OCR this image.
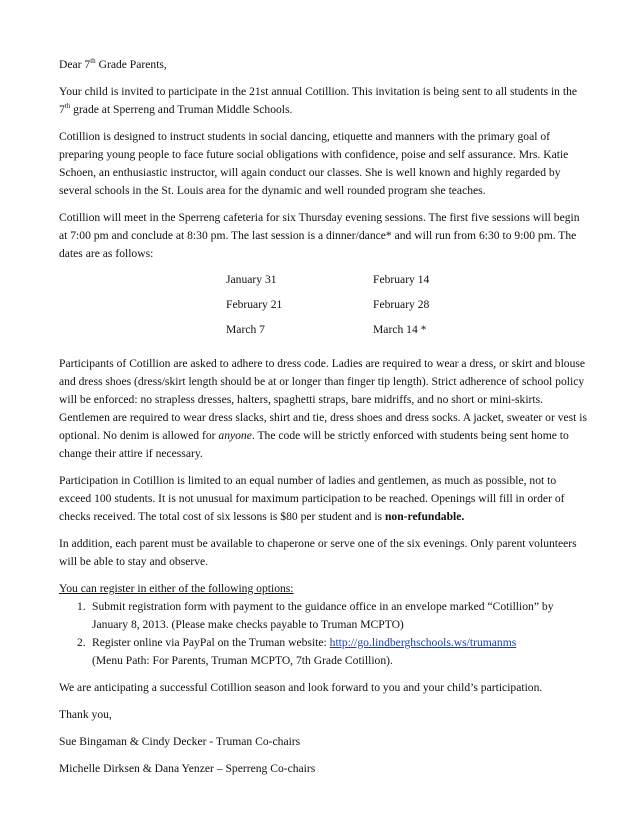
Dear 7th Grade Parents,

Your child is invited to participate in the 21st annual Cotillion. This invitation is being sent to all students in the 7th grade at Sperreng and Truman Middle Schools.

Cotillion is designed to instruct students in social dancing, etiquette and manners with the primary goal of preparing young people to face future social obligations with confidence, poise and self assurance. Mrs. Katie Schoen, an enthusiastic instructor, will again conduct our classes. She is well known and highly regarded by several schools in the St. Louis area for the dynamic and well rounded program she teaches.

Cotillion will meet in the Sperreng cafeteria for six Thursday evening sessions. The first five sessions will begin at 7:00 pm and conclude at 8:30 pm. The last session is a dinner/dance* and will run from 6:30 to 9:00 pm. The dates are as follows:

January 31	February 14
February 21	February 28
March 7	March 14 *

Participants of Cotillion are asked to adhere to dress code. Ladies are required to wear a dress, or skirt and blouse and dress shoes (dress/skirt length should be at or longer than finger tip length). Strict adherence of school policy will be enforced: no strapless dresses, halters, spaghetti straps, bare midriffs, and no short or mini-skirts. Gentlemen are required to wear dress slacks, shirt and tie, dress shoes and dress socks. A jacket, sweater or vest is optional. No denim is allowed for anyone. The code will be strictly enforced with students being sent home to change their attire if necessary.

Participation in Cotillion is limited to an equal number of ladies and gentlemen, as much as possible, not to exceed 100 students. It is not unusual for maximum participation to be reached. Openings will fill in order of checks received. The total cost of six lessons is $80 per student and is non-refundable.

In addition, each parent must be available to chaperone or serve one of the six evenings. Only parent volunteers will be able to stay and observe.

You can register in either of the following options:
1. Submit registration form with payment to the guidance office in an envelope marked “Cotillion” by January 8, 2013. (Please make checks payable to Truman MCPTO)
2. Register online via PayPal on the Truman website: http://go.lindberghschools.ws/trumanms
(Menu Path: For Parents, Truman MCPTO, 7th Grade Cotillion).

We are anticipating a successful Cotillion season and look forward to you and your child’s participation.

Thank you,

Sue Bingaman & Cindy Decker - Truman Co-chairs

Michelle Dirksen & Dana Yenzer – Sperreng Co-chairs
